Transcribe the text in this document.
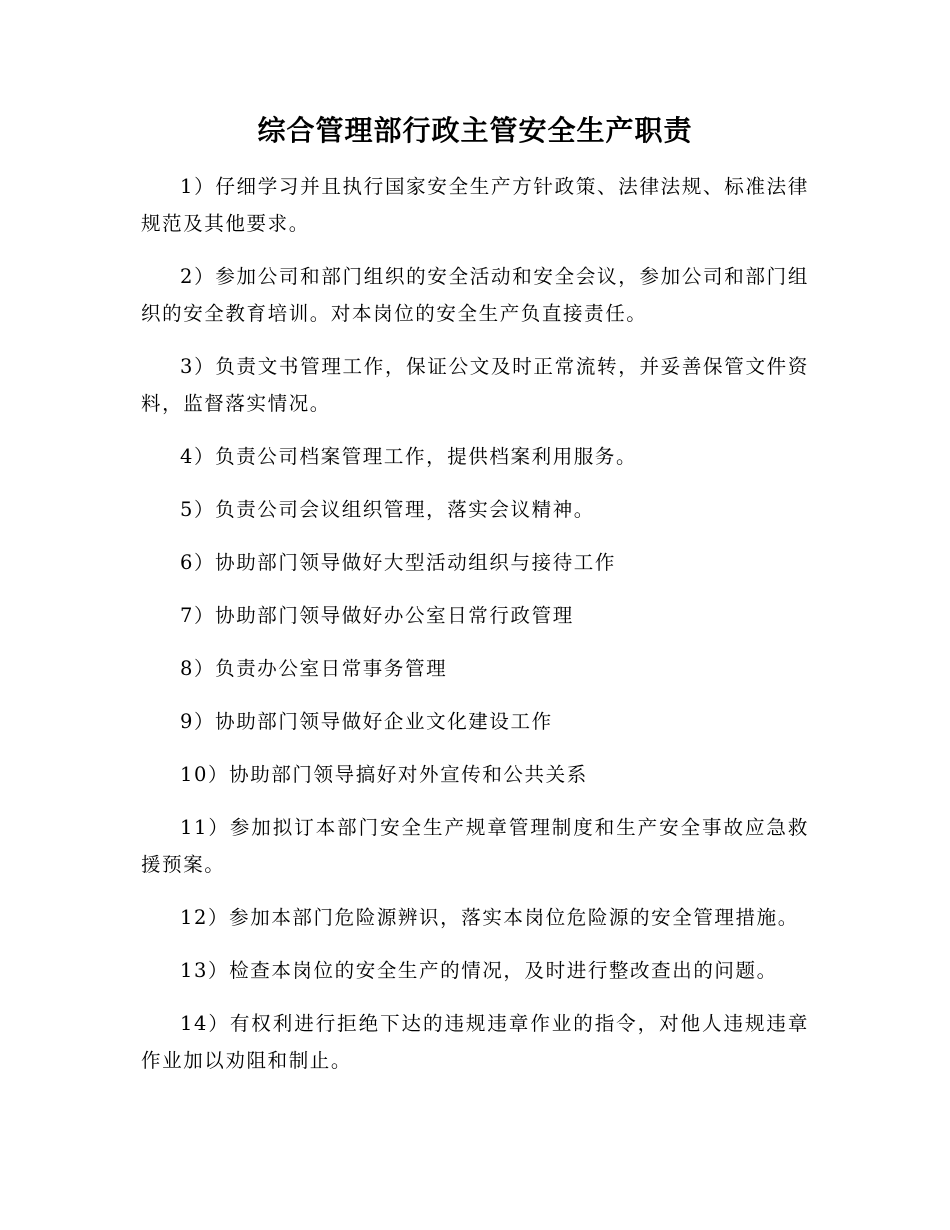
综合管理部行政主管安全生产职责

1）仔细学习并且执行国家安全生产方针政策、法律法规、标准法律规范及其他要求。

2）参加公司和部门组织的安全活动和安全会议，参加公司和部门组织的安全教育培训。对本岗位的安全生产负直接责任。

3）负责文书管理工作，保证公文及时正常流转，并妥善保管文件资料，监督落实情况。

4）负责公司档案管理工作，提供档案利用服务。

5）负责公司会议组织管理，落实会议精神。

6）协助部门领导做好大型活动组织与接待工作

7）协助部门领导做好办公室日常行政管理

8）负责办公室日常事务管理

9）协助部门领导做好企业文化建设工作

10）协助部门领导搞好对外宣传和公共关系

11）参加拟订本部门安全生产规章管理制度和生产安全事故应急救援预案。

12）参加本部门危险源辨识，落实本岗位危险源的安全管理措施。

13）检查本岗位的安全生产的情况，及时进行整改查出的问题。

14）有权利进行拒绝下达的违规违章作业的指令，对他人违规违章作业加以劝阻和制止。
